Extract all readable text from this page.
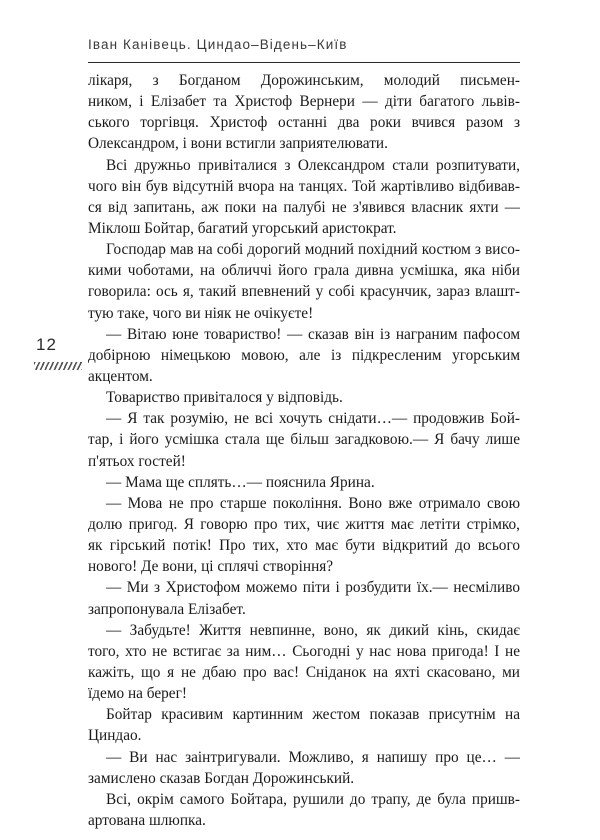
Іван Канівець. Циндао–Відень–Київ
12
лікаря, з Богданом Дорожинським, молодий письмен-
ником, і Елізабет та Христоф Вернери — діти багатого львів-
ського торгівця. Христоф останні два роки вчився разом з
Олександром, і вони встигли заприятелювати.
Всі дружньо привіталися з Олександром стали розпитувати,
чого він був відсутній вчора на танцях. Той жартівливо відбивав-
ся від запитань, аж поки на палубі не з'явився власник яхти —
Міклош Бойтар, багатий угорський аристократ.
Господар мав на собі дорогий модний похідний костюм з висо-
кими чоботами, на обличчі його грала дивна усмішка, яка ніби
говорила: ось я, такий впевнений у собі красунчик, зараз влашт-
тую таке, чого ви ніяк не очікуєте!
— Вітаю юне товариство! — сказав він із награним пафосом
добірною німецькою мовою, але із підкресленим угорським
акцентом.
Товариство привіталося у відповідь.
— Я так розумію, не всі хочуть снідати…— продовжив Бой-
тар, і його усмішка стала ще більш загадковою.— Я бачу лише
п'ятьох гостей!
— Мама ще сплять…— пояснила Ярина.
— Мова не про старше покоління. Воно вже отримало свою
долю пригод. Я говорю про тих, чиє життя має летіти стрімко,
як гірський потік! Про тих, хто має бути відкритий до всього
нового! Де вони, ці сплячі створіння?
— Ми з Христофом можемо піти і розбудити їх.— несміливо
запропонувала Елізабет.
— Забудьте! Життя невпинне, воно, як дикий кінь, скидає
того, хто не встигає за ним… Сьогодні у нас нова пригода! І не
кажіть, що я не дбаю про вас! Сніданок на яхті скасовано, ми
їдемо на берег!
Бойтар красивим картинним жестом показав присутнім на
Циндао.
— Ви нас заінтригували. Можливо, я напишу про це… —
замислено сказав Богдан Дорожинський.
Всі, окрім самого Бойтара, рушили до трапу, де була пришв-
артована шлюпка.
